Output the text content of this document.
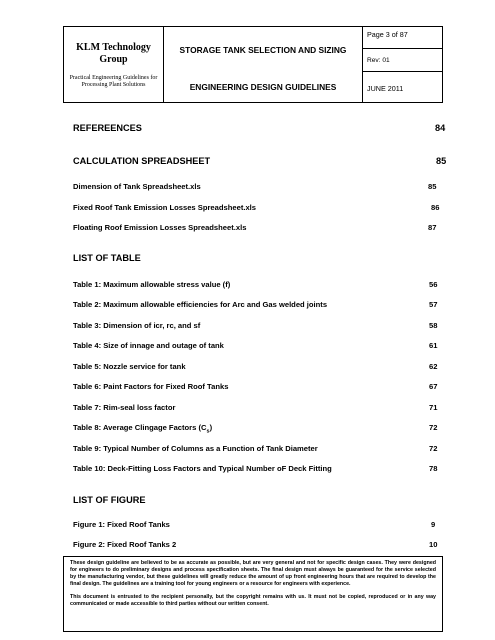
KLM Technology Group
Practical Engineering Guidelines for Processing Plant Solutions
STORAGE TANK SELECTION AND SIZING
ENGINEERING DESIGN GUIDELINES
Page 3 of 87
Rev: 01
JUNE 2011
REFEREENCES	84
CALCULATION SPREADSHEET	85
Dimension of Tank Spreadsheet.xls	85
Fixed Roof Tank Emission Losses Spreadsheet.xls	86
Floating Roof Emission Losses Spreadsheet.xls	87
LIST OF TABLE
Table 1: Maximum allowable stress value (f)	56
Table 2: Maximum allowable efficiencies for Arc and Gas welded joints	57
Table 3: Dimension of icr, rc, and sf	58
Table 4: Size of innage and outage of tank	61
Table 5: Nozzle service for tank	62
Table 6: Paint Factors for Fixed Roof Tanks	67
Table 7: Rim-seal loss factor	71
Table 8: Average Clingage Factors $(C_s)$	72
Table 9: Typical Number of Columns as a Function of Tank Diameter	72
Table 10: Deck-Fitting Loss Factors and Typical Number oF Deck Fitting	78
LIST OF FIGURE
Figure 1: Fixed Roof Tanks	9
Figure 2: Fixed Roof Tanks 2	10

These design guideline are believed to be as accurate as possible, but are very general and not for specific design cases. They were designed for engineers to do preliminary designs and process specification sheets. The final design must always be guaranteed for the service selected by the manufacturing vendor, but these guidelines will greatly reduce the amount of up front engineering hours that are required to develop the final design. The guidelines are a training tool for young engineers or a resource for engineers with experience.

This document is entrusted to the recipient personally, but the copyright remains with us. It must not be copied, reproduced or in any way communicated or made accessible to third parties without our written consent.
